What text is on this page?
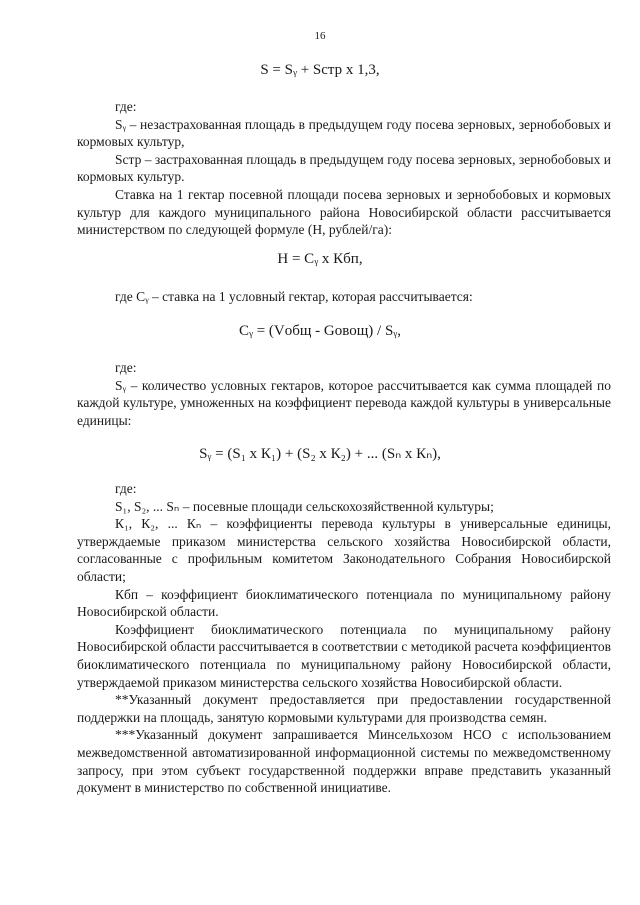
16
S = Sᵧ + Sстр x 1,3,

где:

Sᵧ – незастрахованная площадь в предыдущем году посева зерновых, зернобобовых и кормовых культур,

Sстр – застрахованная площадь в предыдущем году посева зерновых, зернобобовых и кормовых культур.

Ставка на 1 гектар посевной площади посева зерновых и зернобобовых и кормовых культур для каждого муниципального района Новосибирской области рассчитывается министерством по следующей формуле (Н, рублей/га):

Н = Сᵧ x Кбп,

где Сᵧ – ставка на 1 условный гектар, которая рассчитывается:

Сᵧ = (Vобщ - Gовощ) / Sᵧ,

где:

Sᵧ – количество условных гектаров, которое рассчитывается как сумма площадей по каждой культуре, умноженных на коэффициент перевода каждой культуры в универсальные единицы:

Sᵧ = (S₁ x К₁) + (S₂ x К₂) + ... (Sₙ x Кₙ),

где:

S₁, S₂, ... Sₙ – посевные площади сельскохозяйственной культуры;

К₁, К₂, ... Кₙ – коэффициенты перевода культуры в универсальные единицы, утверждаемые приказом министерства сельского хозяйства Новосибирской области, согласованные с профильным комитетом Законодательного Собрания Новосибирской области;

Кбп – коэффициент биоклиматического потенциала по муниципальному району Новосибирской области.

Коэффициент биоклиматического потенциала по муниципальному району Новосибирской области рассчитывается в соответствии с методикой расчета коэффициентов биоклиматического потенциала по муниципальному району Новосибирской области, утверждаемой приказом министерства сельского хозяйства Новосибирской области.

**Указанный документ предоставляется при предоставлении государственной поддержки на площадь, занятую кормовыми культурами для производства семян.

***Указанный документ запрашивается Минсельхозом НСО с использованием межведомственной автоматизированной информационной системы по межведомственному запросу, при этом субъект государственной поддержки вправе представить указанный документ в министерство по собственной инициативе.
